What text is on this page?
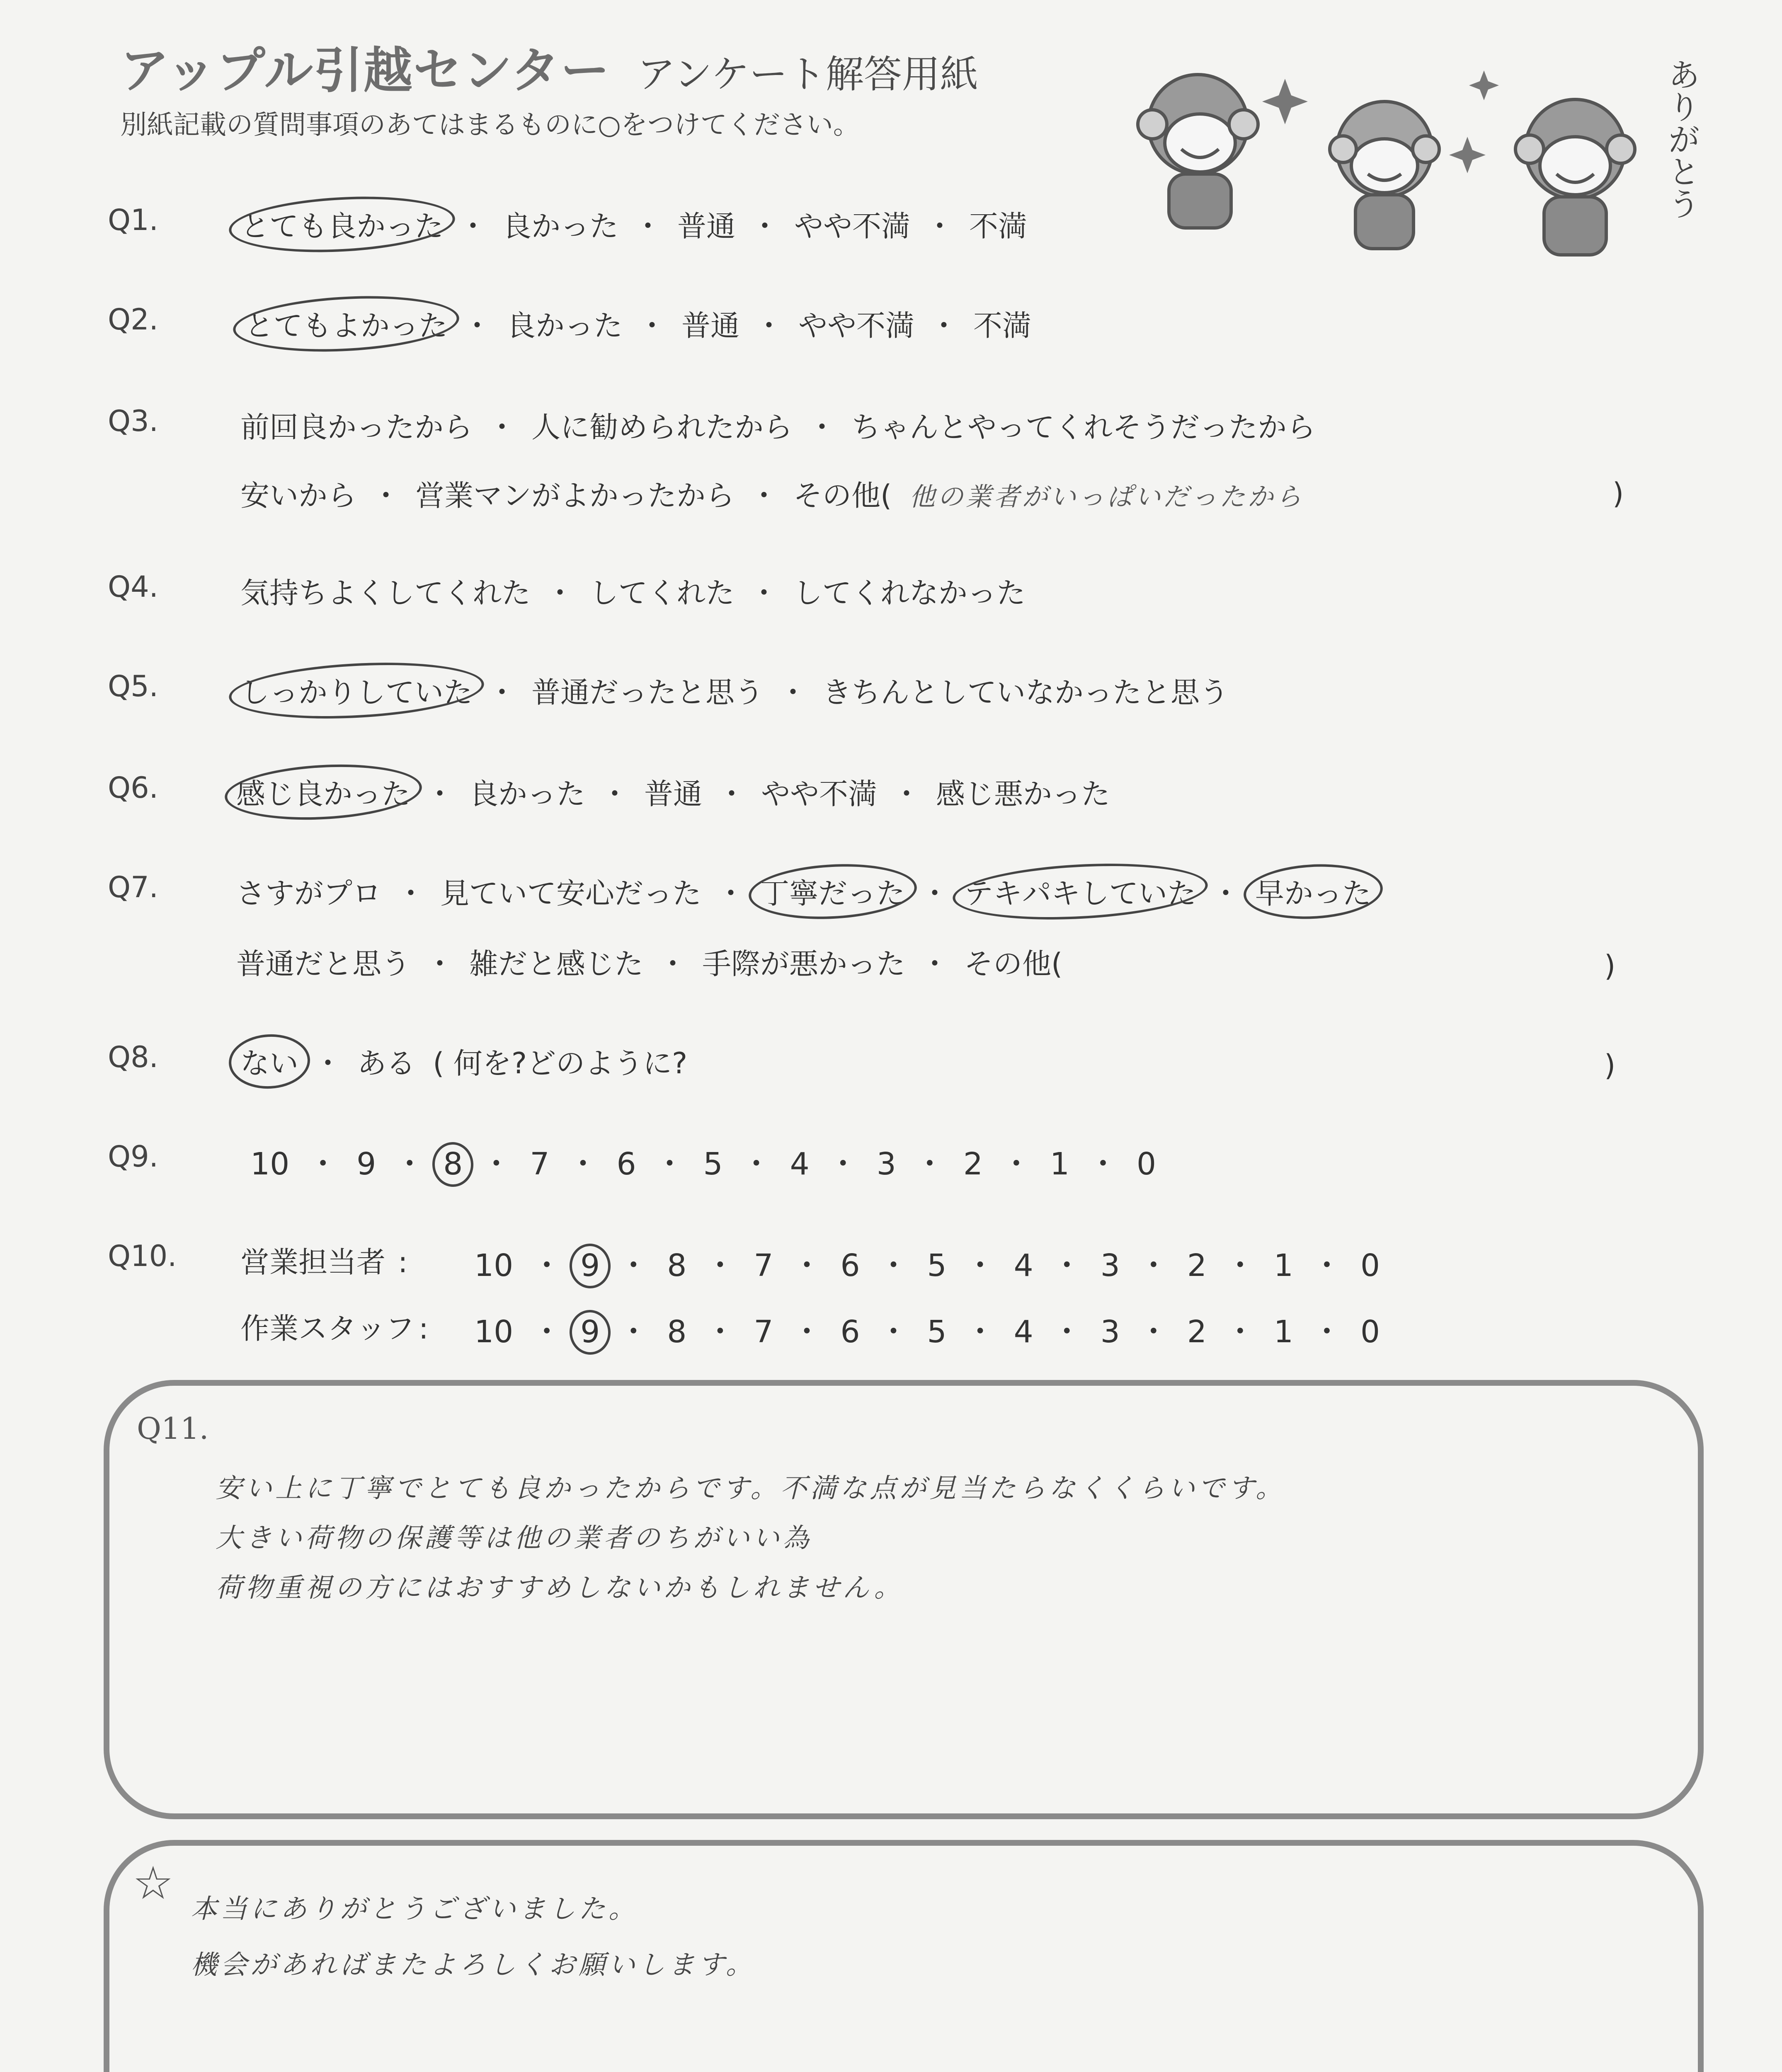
アップル引越センター アンケート解答用紙
別紙記載の質問事項のあてはまるものに○をつけてください。	ありがとう
Q1.	とても良かった ・ 良かった ・ 普通 ・ やや不満 ・ 不満
Q2.	とてもよかった ・ 良かった ・ 普通 ・ やや不満 ・ 不満
Q3.	前回良かったから ・ 人に勧められたから ・ ちゃんとやってくれそうだったから
安いから ・ 営業マンがよかったから ・ その他( 他の業者がいっぱいだったから	)
Q4.	気持ちよくしてくれた ・ してくれた ・ してくれなかった
Q5.	しっかりしていた ・ 普通だったと思う ・ きちんとしていなかったと思う
Q6.	感じ良かった ・ 良かった ・ 普通 ・ やや不満 ・ 感じ悪かった
Q7.	さすがプロ ・ 見ていて安心だった ・ 丁寧だった ・ テキパキしていた ・ 早かった
普通だと思う ・ 雑だと感じた ・ 手際が悪かった ・ その他(	)
Q8.	ない ・ ある ( 何を?どのように?	)
Q9.	10 ・ 9 ・ 8 ・ 7 ・ 6 ・ 5 ・ 4 ・ 3 ・ 2 ・ 1 ・ 0
Q10. 営業担当者 : 10 ・ 9 ・ 8 ・ 7 ・ 6 ・ 5 ・ 4 ・ 3 ・ 2 ・ 1 ・ 0
作業スタッフ : 10 ・ 9 ・ 8 ・ 7 ・ 6 ・ 5 ・ 4 ・ 3 ・ 2 ・ 1 ・ 0
Q11.
安い上に丁寧でとても良かったからです。不満な点が見当たらなくくらいです。
大きい荷物の保護等は他の業者のちがいい為
荷物重視の方にはおすすめしないかもしれません。
☆ 本当にありがとうございました。
機会があればまたよろしくお願いします。
